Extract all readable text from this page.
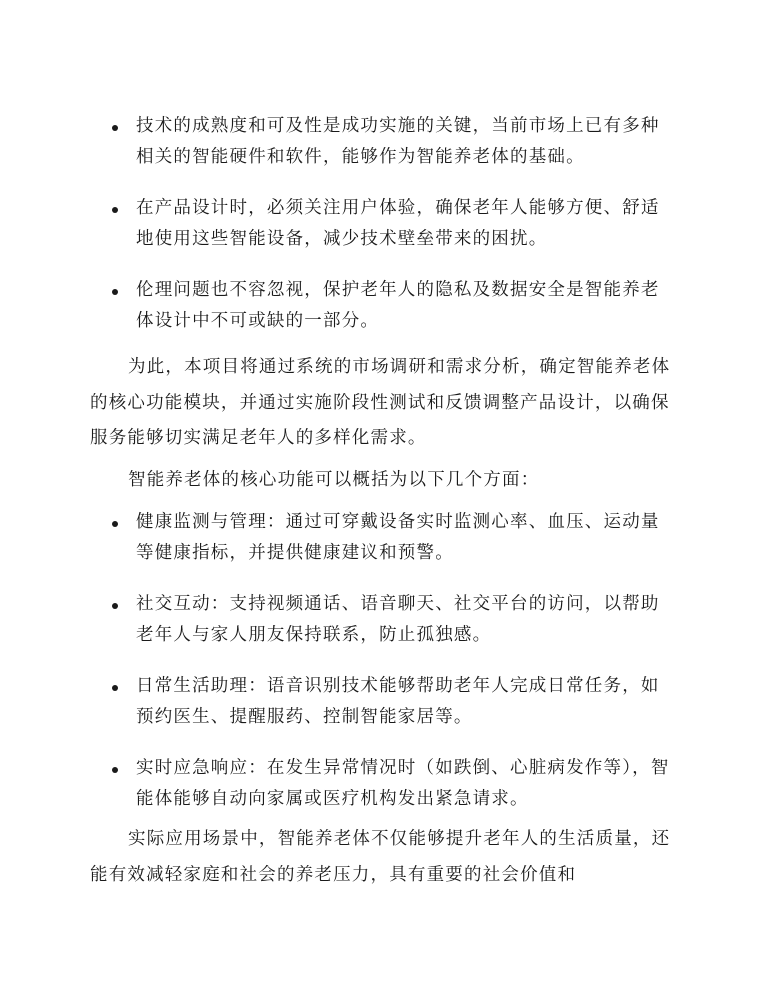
技术的成熟度和可及性是成功实施的关键，当前市场上已有多种相关的智能硬件和软件，能够作为智能养老体的基础。
在产品设计时，必须关注用户体验，确保老年人能够方便、舒适地使用这些智能设备，减少技术壁垒带来的困扰。
伦理问题也不容忽视，保护老年人的隐私及数据安全是智能养老体设计中不可或缺的一部分。

为此，本项目将通过系统的市场调研和需求分析，确定智能养老体的核心功能模块，并通过实施阶段性测试和反馈调整产品设计，以确保服务能够切实满足老年人的多样化需求。

智能养老体的核心功能可以概括为以下几个方面：

健康监测与管理：通过可穿戴设备实时监测心率、血压、运动量等健康指标，并提供健康建议和预警。
社交互动：支持视频通话、语音聊天、社交平台的访问，以帮助老年人与家人朋友保持联系，防止孤独感。
日常生活助理：语音识别技术能够帮助老年人完成日常任务，如预约医生、提醒服药、控制智能家居等。
实时应急响应：在发生异常情况时（如跌倒、心脏病发作等），智能体能够自动向家属或医疗机构发出紧急请求。

实际应用场景中，智能养老体不仅能够提升老年人的生活质量，还能有效减轻家庭和社会的养老压力，具有重要的社会价值和
